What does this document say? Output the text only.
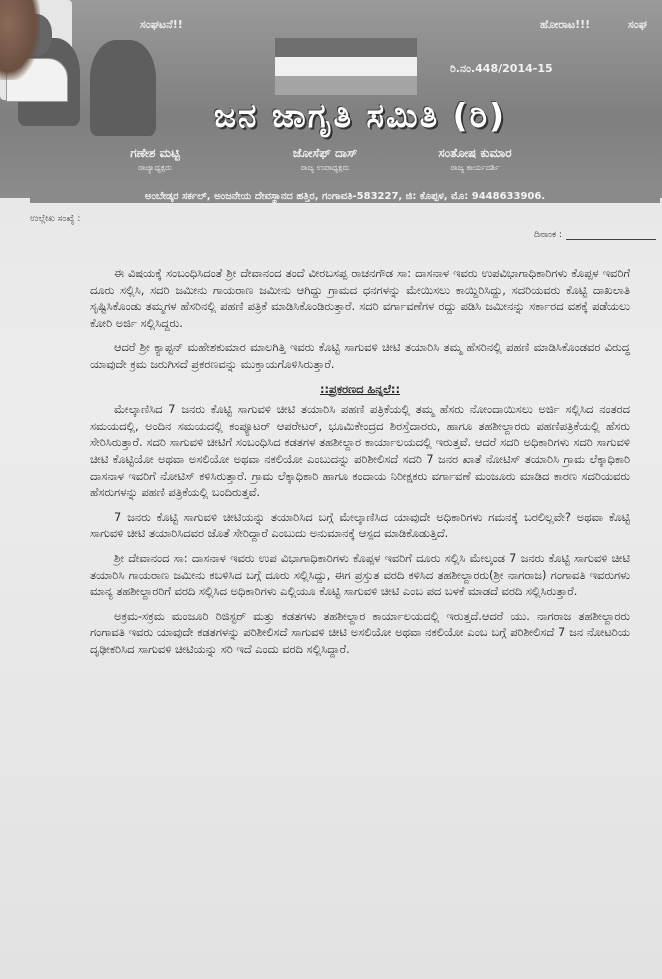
ಸಂಘಟನೆ!!	ಹೋರಾಟ!!!	ಸಂಘ
ರಿ.ನಂ.448/2014-15
ಜನ ಜಾಗೃತಿ ಸಮಿತಿ (ರಿ)
ಗಣೇಶ ಮಟ್ಟಿ
ರಾಜ್ಯಾಧ್ಯಕ್ಷರು
ಜೋಸೆಫ್ ದಾಸ್
ರಾಜ್ಯ ಉಪಾಧ್ಯಕ್ಷರು
ಸಂತೋಷ ಕುಮಾರ
ರಾಜ್ಯ ಕಾರ್ಯದರ್ಶಿ
ಅಂಬೇಡ್ಕರ ಸರ್ಕಲ್, ಅಂಜನೇಯ ದೇವಸ್ಥಾನದ ಹತ್ತಿರ, ಗಂಗಾವತಿ-583227, ಜಿ: ಕೊಪ್ಪಳ, ಮೊ: 9448633906.
ಉಲ್ಲೇಖ ಸಂಖ್ಯೆ :
ದಿನಾಂಕ :

ಈ ವಿಷಯಕ್ಕೆ ಸಂಬಂಧಿಸಿದಂತೆ ಶ್ರೀ ದೇವಾನಂದ ತಂದೆ ವೀರಬಸಪ್ಪ ರಾಚನಗೌಡ ಸಾ: ದಾಸನಾಳ ಇವರು ಉಪವಿಭಾಗಾಧಿಕಾರಿಗಳು ಕೊಪ್ಪಳ ಇವರಿಗೆ ದೂರು ಸಲ್ಲಿಸಿ, ಸದರಿ ಜಮೀನು ಗಾಯರಾಣ ಜಮೀನು ಆಗಿದ್ದು ಗ್ರಾಮದ ಧನಗಳನ್ನು ಮೇಯಿಸಲು ಕಾಯ್ದಿರಿಸಿದ್ದು, ಸದರಿಯವರು ಕೊಟ್ಟಿ ದಾಖಲಾತಿ ಸೃಷ್ಟಿಸಿಕೊಂಡು ತಮ್ಮಗಳ ಹೆಸರಿನಲ್ಲಿ ಪಹಣಿ ಪತ್ರಿಕೆ ಮಾಡಿಸಿಕೊಂಡಿರುತ್ತಾರೆ. ಸದರಿ ವರ್ಗಾವಣೆಗಳ ರದ್ದು ಪಡಿಸಿ ಜಮೀನನ್ನು ಸರ್ಕಾರದ ವಶಕ್ಕೆ ಪಡೆಯಲು ಕೋರಿ ಅರ್ಜಿ ಸಲ್ಲಿಸಿದ್ದರು.

ಆದರೆ ಶ್ರೀ ಕ್ಯಾಪ್ಟನ್ ಮಹೇಶಕುಮಾರ ಮಾಲಗಿತ್ತಿ ಇವರು ಕೊಟ್ಟಿ ಸಾಗುವಳಿ ಚೀಟಿ ತಯಾರಿಸಿ ತಮ್ಮ ಹೆಸರಿನಲ್ಲಿ ಪಹಣಿ ಮಾಡಿಸಿಕೊಂಡವರ ವಿರುದ್ಧ ಯಾವುದೇ ಕ್ರಮ ಜರುಗಿಸದೆ ಪ್ರಕರಣವನ್ನು ಮುಕ್ತಾಯಗೊಳಿಸಿರುತ್ತಾರೆ.

::ಪ್ರಕರಣದ ಹಿನ್ನಲೆ::

ಮೇಲ್ಕಾಣಿಸಿದ 7 ಜನರು ಕೊಟ್ಟಿ ಸಾಗುವಳಿ ಚೀಟಿ ತಯಾರಿಸಿ ಪಹಣಿ ಪತ್ರಿಕೆಯಲ್ಲಿ ತಮ್ಮ ಹೆಸರು ನೋಂದಾಯಿಸಲು ಅರ್ಜಿ ಸಲ್ಲಿಸಿದ ನಂತರದ ಸಮಯದಲ್ಲಿ, ಅಂದಿನ ಸಮಯದಲ್ಲಿ ಕಂಪ್ಯೂಟರ್ ಆಪರೇಟರ್, ಭೂಮಿಕೇಂದ್ರದ ಶಿರಸ್ತೆದಾರರು, ಹಾಗೂ ತಹಶೀಲ್ದಾರರು ಪಹಣಿಪತ್ರಿಕೆಯಲ್ಲಿ ಹೆಸರು ಸೇರಿಸಿರುತ್ತಾರೆ. ಸದರಿ ಸಾಗುವಳಿ ಚೀಟಿಗೆ ಸಂಬಂಧಿಸಿದ ಕಡತಗಳ ತಹಶೀಲ್ದಾರ ಕಾರ್ಯಾಲಯದಲ್ಲಿ ಇರುತ್ತವೆ. ಆದರೆ ಸದರಿ ಅಧಿಕಾರಿಗಳು ಸದರಿ ಸಾಗುವಳಿ ಚೀಟಿ ಕೊಟ್ಟಿಯೋ ಅಥವಾ ಅಸಲಿಯೋ ಅಥವಾ ನಕಲಿಯೋ ಎಂಬುದನ್ನು ಪರಿಶೀಲಿಸದೆ ಸದರಿ 7 ಜನರ ಖಾತೆ ನೋಟಿಸ್ ತಯಾರಿಸಿ ಗ್ರಾಮ ಲೆಕ್ಕಾಧಿಕಾರಿ ದಾಸನಾಳ ಇವರಿಗೆ ನೋಟಿಸ್ ಕಳಿಸಿರುತ್ತಾರೆ. ಗ್ರಾಮ ಲೆಕ್ಕಾಧಿಕಾರಿ ಹಾಗೂ ಕಂದಾಯ ನಿರೀಕ್ಷಕರು ವರ್ಗಾವಣೆ ಮಂಜೂರು ಮಾಡಿದ ಕಾರಣ ಸದರಿಯವರು ಹೆಸರುಗಳನ್ನು ಪಹಣಿ ಪತ್ರಿಕೆಯಲ್ಲಿ ಬಂದಿರುತ್ತವೆ.

7 ಜನರು ಕೊಟ್ಟಿ ಸಾಗುವಳಿ ಚೀಟಿಯನ್ನು ತಯಾರಿಸಿದ ಬಗ್ಗೆ ಮೇಲ್ಕಾಣಿಸಿದ ಯಾವುದೇ ಅಧಿಕಾರಿಗಳು ಗಮನಕ್ಕೆ ಬರಲಿಲ್ಲವೇ? ಅಥವಾ ಕೊಟ್ಟಿ ಸಾಗುವಳಿ ಚೀಟಿ ತಯಾರಿಸಿದವರ ಜೊತೆ ಸೇರಿದ್ದಾರೆ ಎಂಬುದು ಅನುಮಾನಕ್ಕೆ ಆಸ್ಪದ ಮಾಡಿಕೊಡುತ್ತಿದೆ.

ಶ್ರೀ ದೇವಾನಂದ ಸಾ: ದಾಸನಾಳ ಇವರು ಉಪ ವಿಭಾಗಾಧಿಕಾರಿಗಳು ಕೊಪ್ಪಳ ಇವರಿಗೆ ದೂರು ಸಲ್ಲಿಸಿ ಮೇಲ್ಕಂಡ 7 ಜನರು ಕೊಟ್ಟಿ ಸಾಗುವಳಿ ಚೀಟಿ ತಯಾರಿಸಿ ಗಾಯರಾಣ ಜಮೀನು ಕಬಳಿಸಿದ ಬಗ್ಗೆ ದೂರು ಸಲ್ಲಿಸಿದ್ದು, ಈಗ ಪ್ರಸ್ತುತ ವರದಿ ಕಳಿಸಿದ ತಹಶೀಲ್ದಾರರು(ಶ್ರೀ ನಾಗರಾಜ) ಗಂಗಾವತಿ ಇವರುಗಳು ಮಾನ್ಯ ತಹಶೀಲ್ದಾರರಿಗೆ ವರದಿ ಸಲ್ಲಿಸಿದ ಅಧಿಕಾರಿಗಳು ಎಲ್ಲಿಯೂ ಕೊಟ್ಟಿ ಸಾಗುವಳಿ ಚೀಟಿ ಎಂಬ ಪದ ಬಳಕೆ ಮಾಡದೆ ವರದಿ ಸಲ್ಲಿಸಿರುತ್ತಾರೆ.

ಅಕ್ರಮ-ಸಕ್ರಮ ಮಂಜೂರಿ ರಿಜಿಸ್ಟರ್ ಮತ್ತು ಕಡತಗಳು ತಹಶೀಲ್ದಾರ ಕಾರ್ಯಾಲಯದಲ್ಲಿ ಇರುತ್ತದೆ.ಆದರೆ ಯು. ನಾಗರಾಜ ತಹಶೀಲ್ದಾರರು ಗಂಗಾವತಿ ಇವರು ಯಾವುದೇ ಕಡತಗಳನ್ನು ಪರಿಶೀಲಿಸದೆ ಸಾಗುವಳಿ ಚೀಟಿ ಅಸಲಿಯೋ ಅಥವಾ ನಕಲಿಯೋ ಎಂಬ ಬಗ್ಗೆ ಪರಿಶೀಲಿಸದೆ 7 ಜನ ನೋಟರಿಯ ದೃಢೀಕರಿಸಿದ ಸಾಗುವಳಿ ಚೀಟಿಯನ್ನು ಸರಿ ಇದೆ ಎಂದು ವರದಿ ಸಲ್ಲಿಸಿದ್ದಾರೆ.
